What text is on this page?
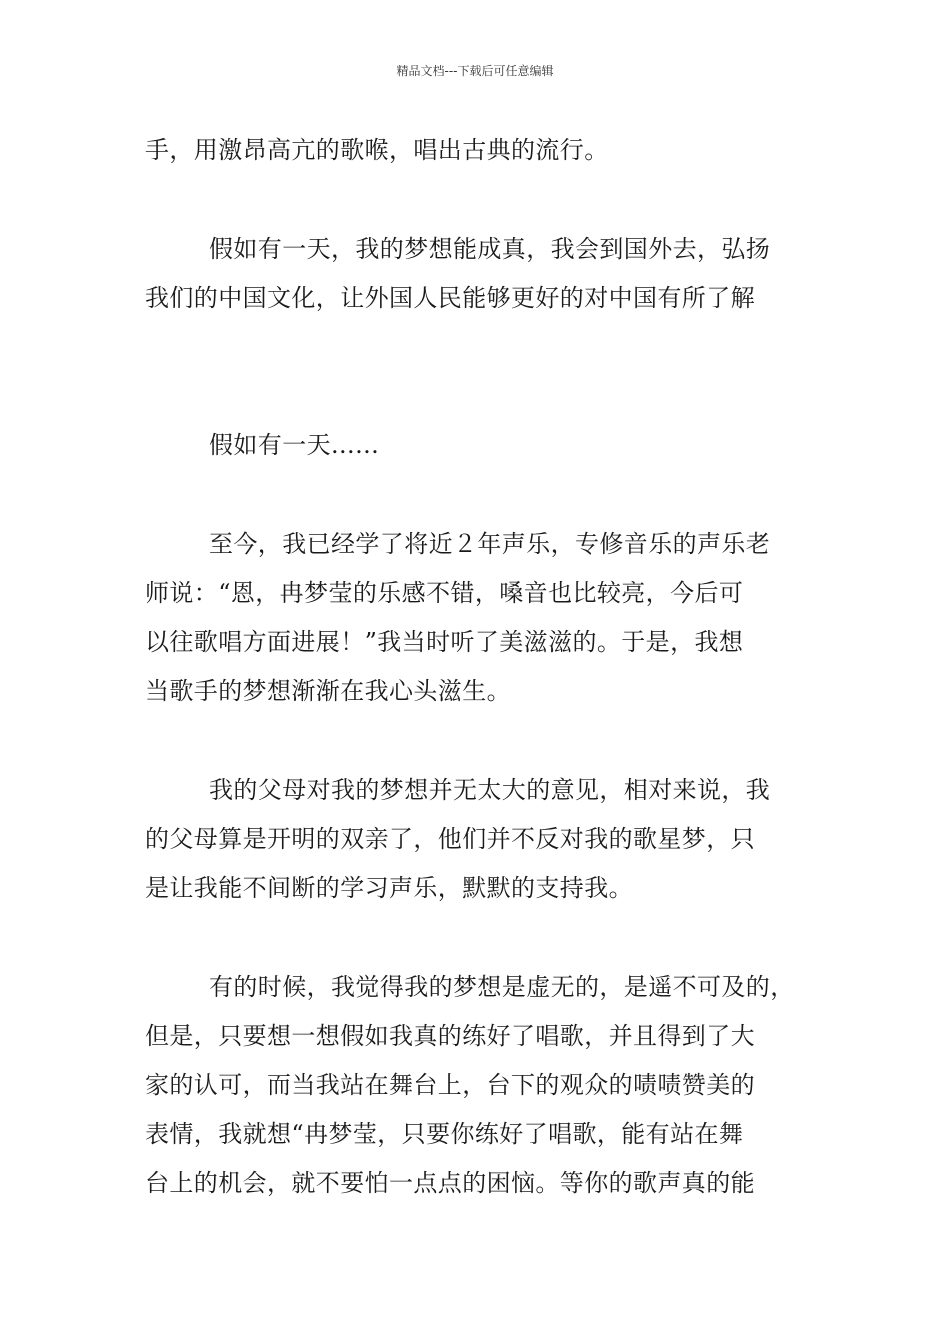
精品文档---下载后可任意编辑

手，用激昂高亢的歌喉，唱出古典的流行。

假如有一天，我的梦想能成真，我会到国外去，弘扬
我们的中国文化，让外国人民能够更好的对中国有所了解

假如有一天......

至今，我已经学了将近２年声乐，专修音乐的声乐老
师说：“恩，冉梦莹的乐感不错，嗓音也比较亮，今后可
以往歌唱方面进展！”我当时听了美滋滋的。于是，我想
当歌手的梦想渐渐在我心头滋生。

我的父母对我的梦想并无太大的意见，相对来说，我
的父母算是开明的双亲了，他们并不反对我的歌星梦，只
是让我能不间断的学习声乐，默默的支持我。

有的时候，我觉得我的梦想是虚无的，是遥不可及的，
但是，只要想一想假如我真的练好了唱歌，并且得到了大
家的认可，而当我站在舞台上，台下的观众的啧啧赞美的
表情，我就想“冉梦莹，只要你练好了唱歌，能有站在舞
台上的机会，就不要怕一点点的困恼。等你的歌声真的能
